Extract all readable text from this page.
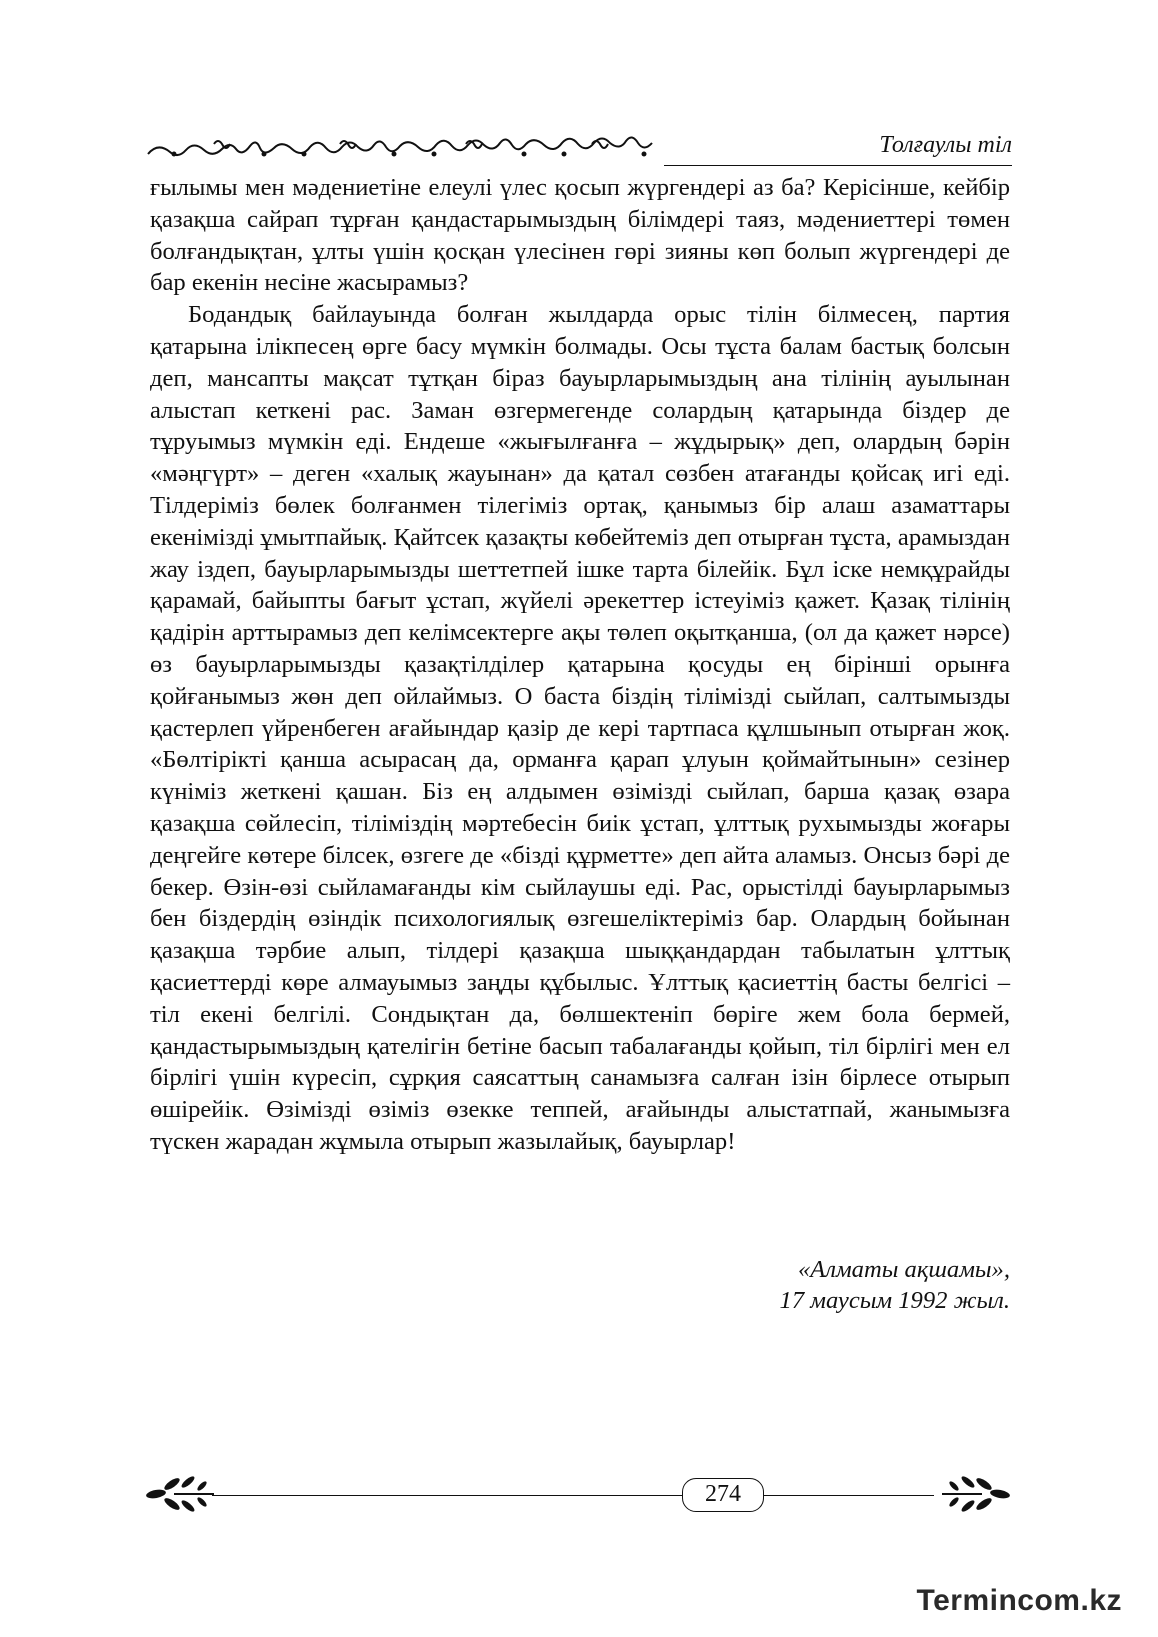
Толғаулы тіл

ғылымы мен мәдениетіне елеулі үлес қосып жүргендері аз ба? Керісінше, кейбір қазақша сайрап тұрған қандастарымыздың білімдері таяз, мәдениеттері төмен болғандықтан, ұлты үшін қосқан үлесінен гөрі зияны көп болып жүргендері де бар екенін несіне жасырамыз?

Бодандық байлауында болған жылдарда орыс тілін білмесең, партия қатарына ілікпесең өрге басу мүмкін болмады. Осы тұста балам бастық болсын деп, мансапты мақсат тұтқан біраз бауырларымыздың ана тілінің ауылынан алыстап кеткені рас. Заман өзгермегенде солардың қатарында біздер де тұруымыз мүмкін еді. Ендеше «жығылғанға – жұдырық» деп, олардың бәрін «мәңгүрт» – деген «халық жауынан» да қатал сөзбен атағанды қойсақ игі еді. Тілдеріміз бөлек болғанмен тілегіміз ортақ, қанымыз бір алаш азаматтары екенімізді ұмытпайық. Қайтсек қазақты көбейтеміз деп отырған тұста, арамыздан жау іздеп, бауырларымызды шеттетпей ішке тарта білейік. Бұл іске немқұрайды қарамай, байыпты бағыт ұстап, жүйелі әрекеттер істеуіміз қажет. Қазақ тілінің қадірін арттырамыз деп келімсектерге ақы төлеп оқытқанша, (ол да қажет нәрсе) өз бауырларымызды қазақтілділер қатарына қосуды ең бірінші орынға қойғанымыз жөн деп ойлаймыз. О баста біздің тілімізді сыйлап, салтымызды қастерлеп үйренбеген ағайындар қазір де кері тартпаса құлшынып отырған жоқ. «Бөлтірікті қанша асырасаң да, орманға қарап ұлуын қоймайтынын» сезінер күніміз жеткені қашан. Біз ең алдымен өзімізді сыйлап, барша қазақ өзара қазақша сөйлесіп, тіліміздің мәртебесін биік ұстап, ұлттық рухымызды жоғары деңгейге көтере білсек, өзгеге де «бізді құрметте» деп айта аламыз. Онсыз бәрі де бекер. Өзін-өзі сыйламағанды кім сыйлаушы еді. Рас, орыстілді бауырларымыз бен біздердің өзіндік психологиялық өзгешеліктеріміз бар. Олардың бойынан қазақша тәрбие алып, тілдері қазақша шыққандардан табылатын ұлттық қасиеттерді көре алмауымыз заңды құбылыс. Ұлттық қасиеттің басты белгісі – тіл екені белгілі. Сондықтан да, бөлшектеніп бөріге жем бола бермей, қандастырымыздың қателігін бетіне басып табалағанды қойып, тіл бірлігі мен ел бірлігі үшін күресіп, сұрқия саясаттың санамызға салған ізін бірлесе отырып өшірейік. Өзімізді өзіміз өзекке теппей, ағайынды алыстатпай, жанымызға түскен жарадан жұмыла отырып жазылайық, бауырлар!

«Алматы ақшамы»,
17 маусым 1992 жыл.
274
Termincom.kz
